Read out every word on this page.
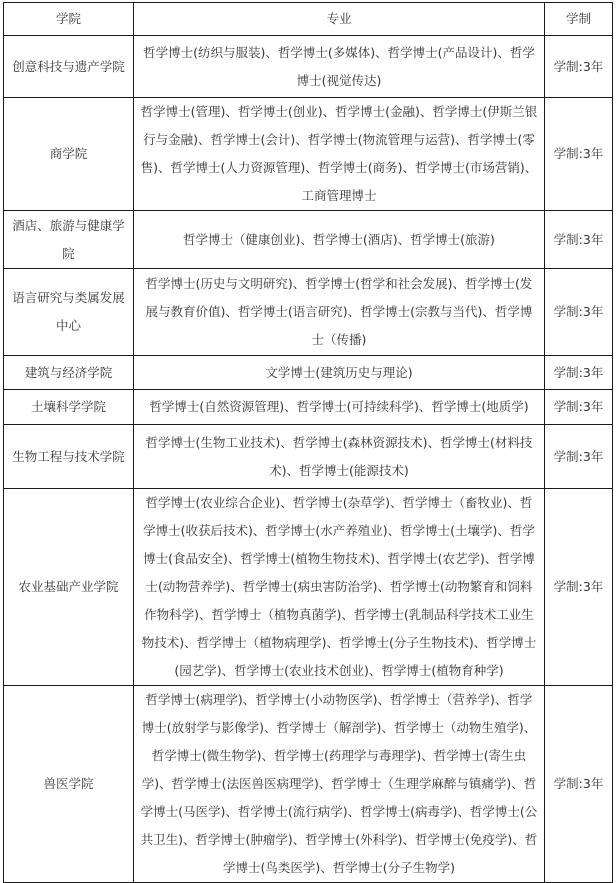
学院	专业	学制
创意科技与遗产学院	哲学博士(纺织与服装)、哲学博士(多媒体)、哲学博士(产品设计)、哲学博士(视觉传达)	学制:3年
商学院	哲学博士(管理)、哲学博士(创业)、哲学博士(金融)、哲学博士(伊斯兰银行与金融)、哲学博士(会计)、哲学博士(物流管理与运营)、哲学博士(零售)、哲学博士(人力资源管理)、哲学博士(商务)、哲学博士(市场营销)、工商管理博士	学制:3年
酒店、旅游与健康学院	哲学博士（健康创业)、哲学博士(酒店)、哲学博士(旅游)	学制:3年
语言研究与类属发展中心	哲学博士(历史与文明研究)、哲学博士(哲学和社会发展)、哲学博士(发展与教育价值)、哲学博士(语言研究)、哲学博士(宗教与当代)、哲学博士（传播)	学制:3年
建筑与经济学院	文学博士(建筑历史与理论)	学制:3年
土壤科学学院	哲学博士(自然资源管理)、哲学博士(可持续科学)、哲学博士(地质学)	学制:3年
生物工程与技术学院	哲学博士(生物工业技术)、哲学博士(森林资源技术)、哲学博士(材料技术)、哲学博士(能源技术)	学制:3年
农业基础产业学院	哲学博士(农业综合企业)、哲学博士(杂草学)、哲学博士（畜牧业)、哲学博士(收获后技术)、哲学博士(水产养殖业)、哲学博士(土壤学)、哲学博士(食品安全)、哲学博士(植物生物技术)、哲学博士(农艺学)、哲学博士(动物营养学)、哲学博士(病虫害防治学)、哲学博士(动物繁育和饲料作物科学)、哲学博士（植物真菌学)、哲学博士(乳制品科学技术工业生物技术)、哲学博士（植物病理学)、哲学博士(分子生物技术)、哲学博士(园艺学)、哲学博士(农业技术创业)、哲学博士(植物育种学)	学制:3年
兽医学院	哲学博士(病理学)、哲学博士(小动物医学)、哲学博士（营养学)、哲学博士(放射学与影像学)、哲学博士（解剖学)、哲学博士（动物生殖学)、哲学博士(微生物学)、哲学博士(药理学与毒理学)、哲学博士(寄生虫学)、哲学博士(法医兽医病理学)、哲学博士（生理学麻醉与镇痛学)、哲学博士(马医学)、哲学博士(流行病学)、哲学博士(病毒学)、哲学博士(公共卫生)、哲学博士(肿瘤学)、哲学博士(外科学)、哲学博士(免疫学)、哲学博士(鸟类医学)、哲学博士(分子生物学)	学制:3年
